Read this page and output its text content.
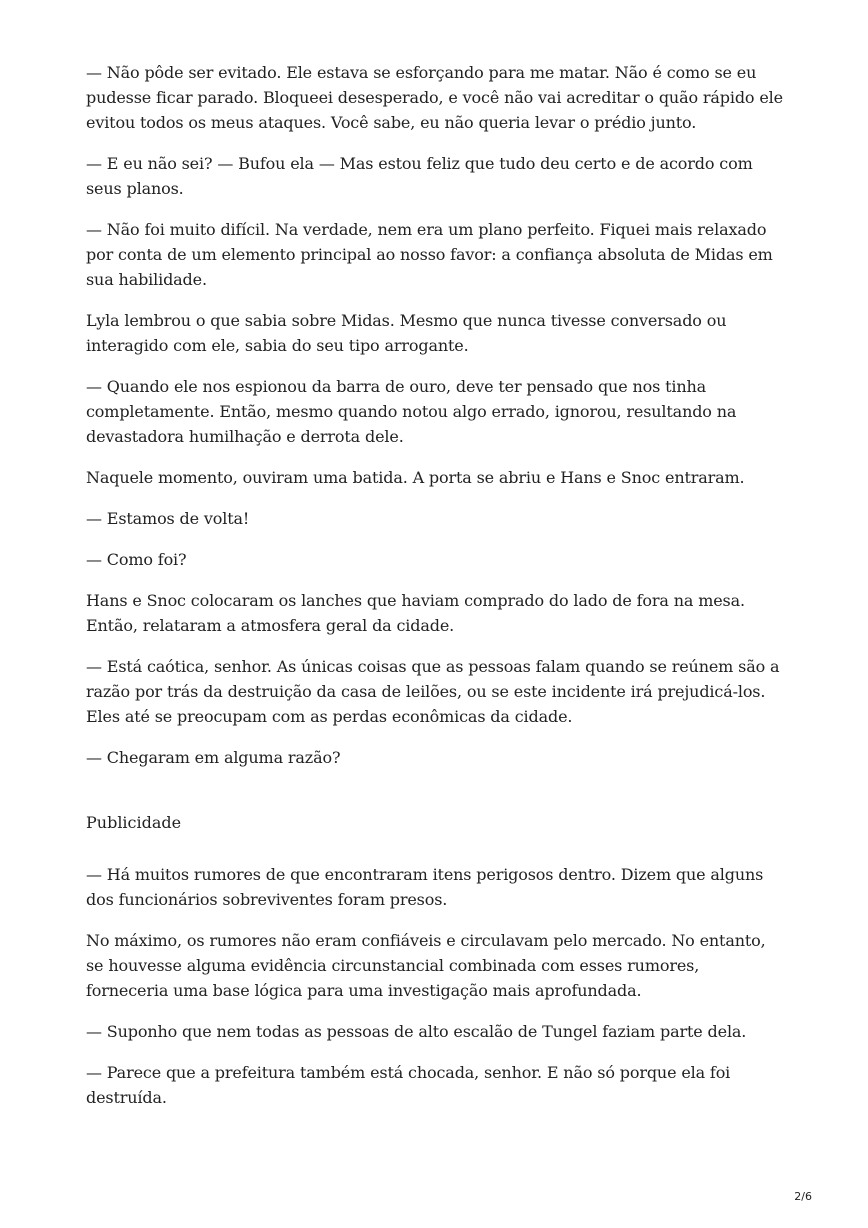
— Não pôde ser evitado. Ele estava se esforçando para me matar. Não é como se eu pudesse ficar parado. Bloqueei desesperado, e você não vai acreditar o quão rápido ele evitou todos os meus ataques. Você sabe, eu não queria levar o prédio junto.

— E eu não sei? — Bufou ela — Mas estou feliz que tudo deu certo e de acordo com seus planos.

— Não foi muito difícil. Na verdade, nem era um plano perfeito. Fiquei mais relaxado por conta de um elemento principal ao nosso favor: a confiança absoluta de Midas em sua habilidade.

Lyla lembrou o que sabia sobre Midas. Mesmo que nunca tivesse conversado ou interagido com ele, sabia do seu tipo arrogante.

— Quando ele nos espionou da barra de ouro, deve ter pensado que nos tinha completamente. Então, mesmo quando notou algo errado, ignorou, resultando na devastadora humilhação e derrota dele.

Naquele momento, ouviram uma batida. A porta se abriu e Hans e Snoc entraram.

— Estamos de volta!

— Como foi?

Hans e Snoc colocaram os lanches que haviam comprado do lado de fora na mesa. Então, relataram a atmosfera geral da cidade.

— Está caótica, senhor. As únicas coisas que as pessoas falam quando se reúnem são a razão por trás da destruição da casa de leilões, ou se este incidente irá prejudicá-los. Eles até se preocupam com as perdas econômicas da cidade.

— Chegaram em alguma razão?

Publicidade

— Há muitos rumores de que encontraram itens perigosos dentro. Dizem que alguns dos funcionários sobreviventes foram presos.

No máximo, os rumores não eram confiáveis e circulavam pelo mercado. No entanto, se houvesse alguma evidência circunstancial combinada com esses rumores, forneceria uma base lógica para uma investigação mais aprofundada.

— Suponho que nem todas as pessoas de alto escalão de Tungel faziam parte dela.

— Parece que a prefeitura também está chocada, senhor. E não só porque ela foi destruída.

2/6
